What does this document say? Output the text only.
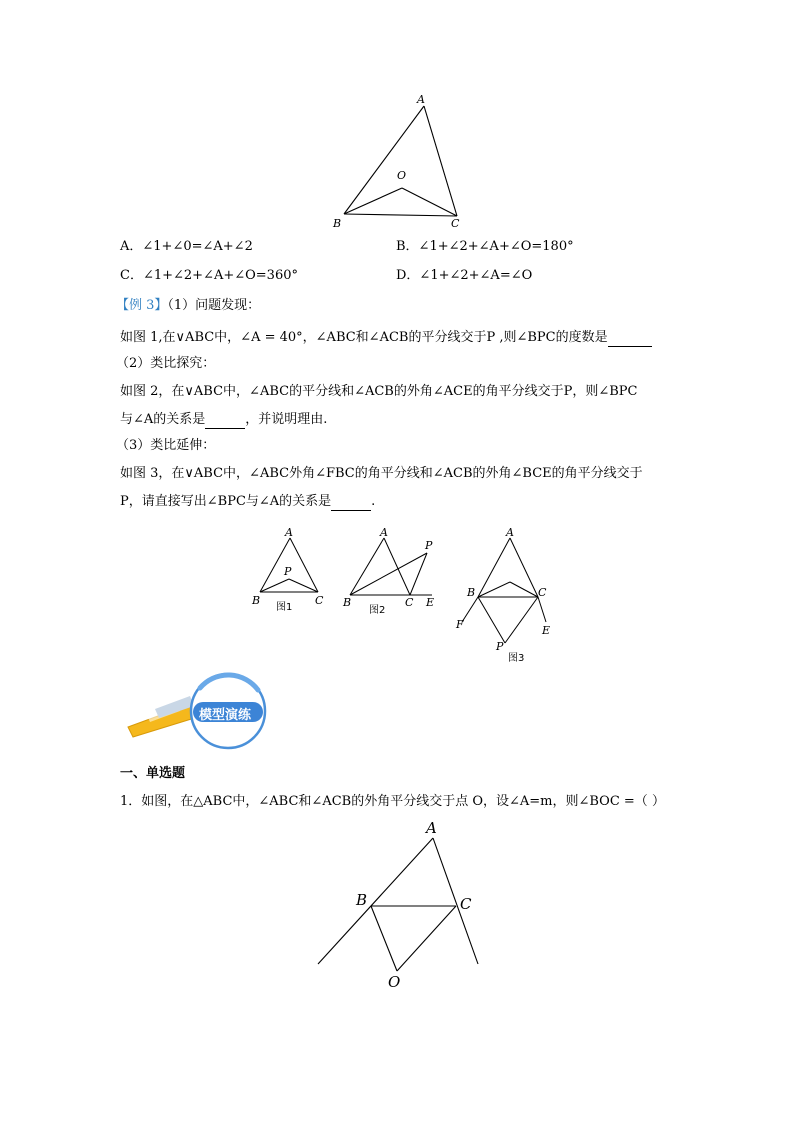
A
O
B	C
A．∠1+∠0=∠A+∠2	B．∠1+∠2+∠A+∠O=180°
C．∠1+∠2+∠A+∠O=360°	D．∠1+∠2+∠A=∠O
【例 3】（1）问题发现：
如图 1,在∨ABC中，∠A = 40°，∠ABC和∠ACB的平分线交于P ,则∠BPC的度数是
（2）类比探究：
如图 2，在∨ABC中，∠ABC的平分线和∠ACB的外角∠ACE的角平分线交于P，则∠BPC
与∠A的关系是	，并说明理由.
（3）类比延伸：
如图 3，在∨ABC中，∠ABC外角∠FBC的角平分线和∠ACB的外角∠BCE的角平分线交于
P，请直接写出∠BPC与∠A的关系是	.
A
P
B	C
图1
A
P
B	C E
图2
A
B	C
F	E
P
图3
模型演练
一、单选题
1．如图，在△ABC中，∠ABC和∠ACB的外角平分线交于点 O，设∠A=m，则∠BOC =（ ）
A
B	C
O
